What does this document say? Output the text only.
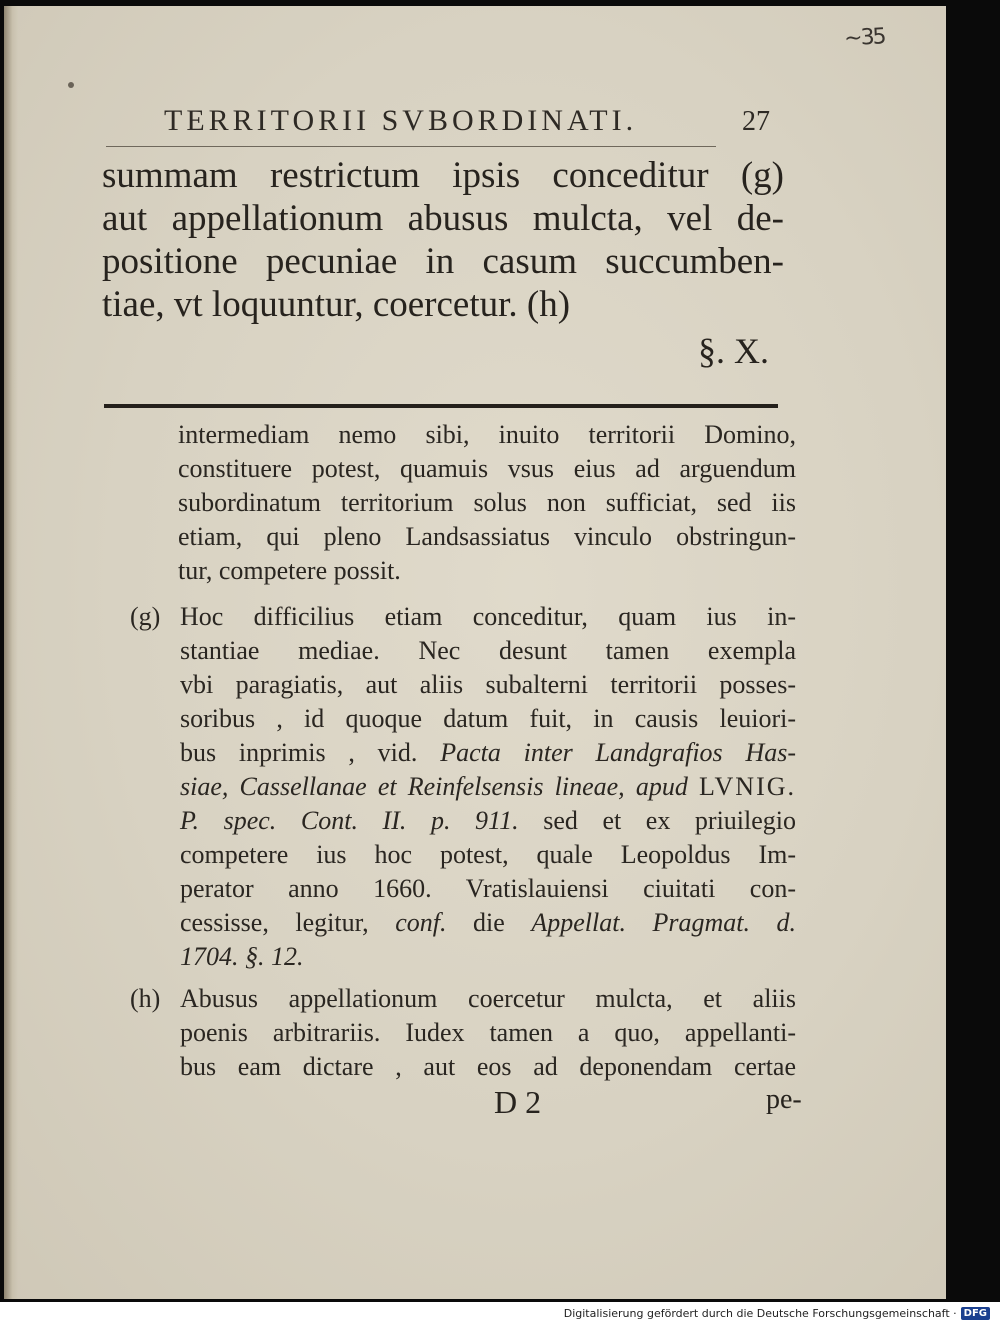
~35
TERRITORII SVBORDINATI.	27
summam restrictum ipsis conceditur (g)
aut appellationum abusus mulcta, vel de-
positione pecuniae in casum succumben-
tiae, vt loquuntur, coercetur. (h)
§. X.
intermediam nemo sibi, inuito territorii Domino,
constituere potest, quamuis vsus eius ad arguendum
subordinatum territorium solus non sufficiat, sed iis
etiam, qui pleno Landsassiatus vinculo obstringun-
tur, competere possit.
(g) Hoc difficilius etiam conceditur, quam ius in-
stantiae mediae. Nec desunt tamen exempla
vbi paragiatis, aut aliis subalterni territorii posses-
soribus , id quoque datum fuit, in causis leuiori-
bus inprimis , vid. Pacta inter Landgrafios Has-
siae, Cassellanae et Reinfelsensis lineae, apud LVNIG.
P. spec. Cont. II. p. 911. sed et ex priuilegio
competere ius hoc potest, quale Leopoldus Im-
perator anno 1660. Vratislauiensi ciuitati con-
cessisse, legitur, conf. die Appellat. Pragmat. d.
1704. §. 12.
(h) Abusus appellationum coercetur mulcta, et aliis
poenis arbitrariis. Iudex tamen a quo, appellanti-
bus eam dictare , aut eos ad deponendam certae
D 2	pe-
Digitalisierung gefördert durch die Deutsche Forschungsgemeinschaft · DFG
